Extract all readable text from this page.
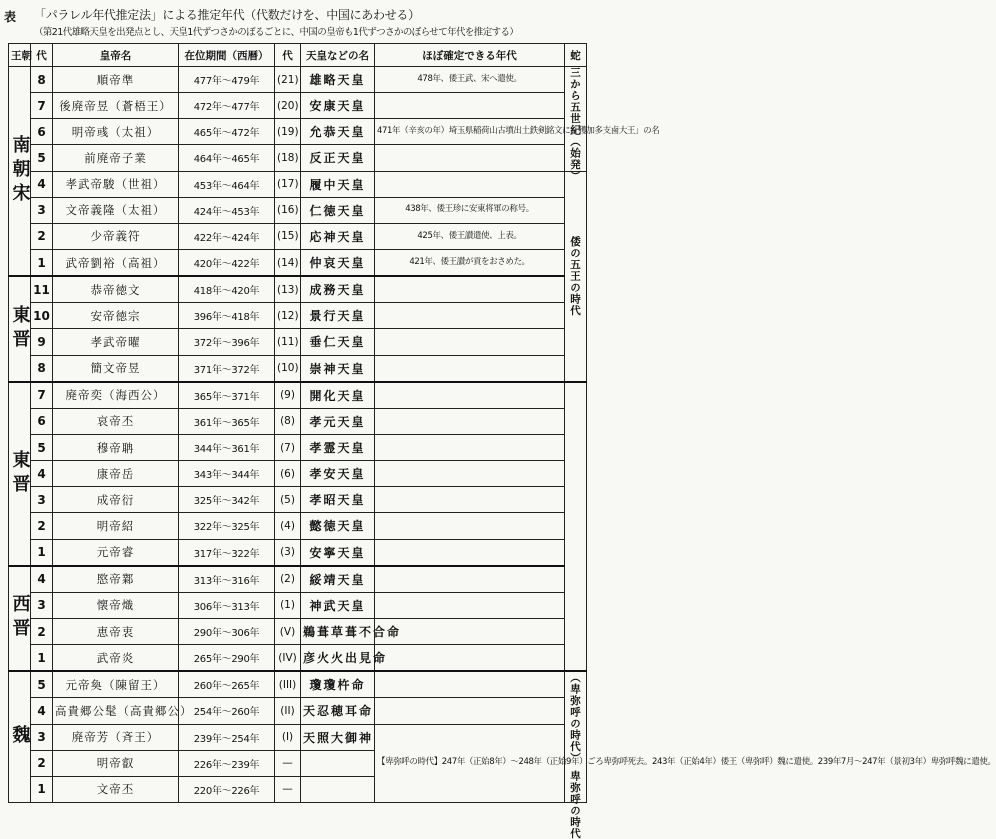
表 「パラレル年代推定法」による推定年代（代数だけを、中国にあわせる）
（第21代雄略天皇を出発点とし、天皇1代ずつさかのぼるごとに、中国の皇帝も1代ずつさかのぼらせて年代を推定する）
王朝	代	皇帝名	在位期間（西暦）	代	天皇などの名	ほぼ確定できる年代	蛇
南朝宋	8	順帝準	477年〜479年	(21)	雄略天皇	478年、倭王武、宋へ遣使。	三から五世紀（始発）
	7	後廃帝昱（蒼梧王）	472年〜477年	(20)	安康天皇		
	6	明帝彧（太祖）	465年〜472年	(19)	允恭天皇	471年（辛亥の年）埼玉県稲荷山古墳出土鉄剣銘文に「獲加多支鹵大王」の名	
	5	前廃帝子業	464年〜465年	(18)	反正天皇		
	4	孝武帝駿（世祖）	453年〜464年	(17)	履中天皇		倭の五王の時代
	3	文帝義隆（太祖）	424年〜453年	(16)	仁徳天皇	438年、倭王珍に安東将軍の称号。	
	2	少帝義符	422年〜424年	(15)	応神天皇	425年、倭王讃遣使、上表。	
	1	武帝劉裕（高祖）	420年〜422年	(14)	仲哀天皇	421年、倭王讃が貢をおさめた。	
東晋	11	恭帝徳文	418年〜420年	(13)	成務天皇		
	10	安帝徳宗	396年〜418年	(12)	景行天皇		
	9	孝武帝曜	372年〜396年	(11)	垂仁天皇		
	8	簡文帝昱	371年〜372年	(10)	崇神天皇		
東晋	7	廃帝奕（海西公）	365年〜371年	(9)	開化天皇		
	6	哀帝丕	361年〜365年	(8)	孝元天皇		
	5	穆帝聃	344年〜361年	(7)	孝霊天皇		
	4	康帝岳	343年〜344年	(6)	孝安天皇		
	3	成帝衍	325年〜342年	(5)	孝昭天皇		
	2	明帝紹	322年〜325年	(4)	懿徳天皇		
	1	元帝睿	317年〜322年	(3)	安寧天皇		
西晋	4	愍帝鄴	313年〜316年	(2)	綏靖天皇		
	3	懐帝熾	306年〜313年	(1)	神武天皇		
	2	恵帝衷	290年〜306年	(V)	鵜葺草葺不合命		
	1	武帝炎	265年〜290年	(IV)	彦火火出見命		
魏	5	元帝奐（陳留王）	260年〜265年	(III)	瓊瓊杵命		（卑弥呼の時代）　卑弥呼の時代
	4	高貴郷公髦（高貴郷公）	254年〜260年	(II)	天忍穂耳命		
	3	廃帝芳（斉王）	239年〜254年	(I)	天照大御神	【卑弥呼の時代】247年（正始8年）〜248年（正始9年）ごろ卑弥呼死去。243年（正始4年）倭王（卑弥呼）魏に遣使。239年7月〜247年（景初3年）卑弥呼魏に遣使。	
	2	明帝叡	226年〜239年	—			
	1	文帝丕	220年〜226年	—			
